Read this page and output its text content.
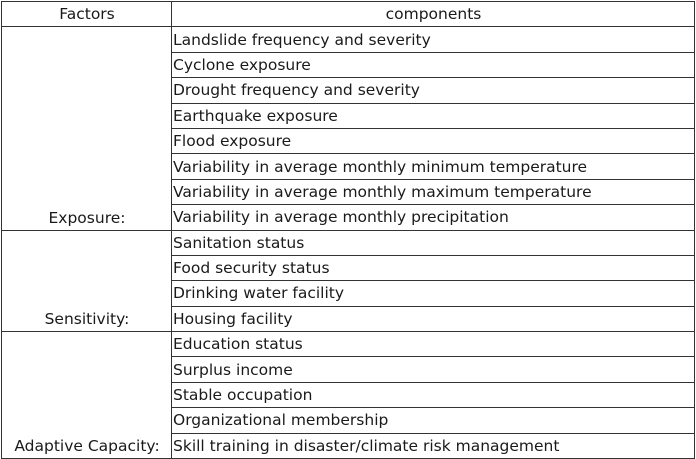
Factors	components
Exposure:	Landslide frequency and severity
	Cyclone exposure
	Drought frequency and severity
	Earthquake exposure
	Flood exposure
	Variability in average monthly minimum temperature
	Variability in average monthly maximum temperature
	Variability in average monthly precipitation
Sensitivity:	Sanitation status
	Food security status
	Drinking water facility
	Housing facility
Adaptive Capacity:	Education status
	Surplus income
	Stable occupation
	Organizational membership
	Skill training in disaster/climate risk management
